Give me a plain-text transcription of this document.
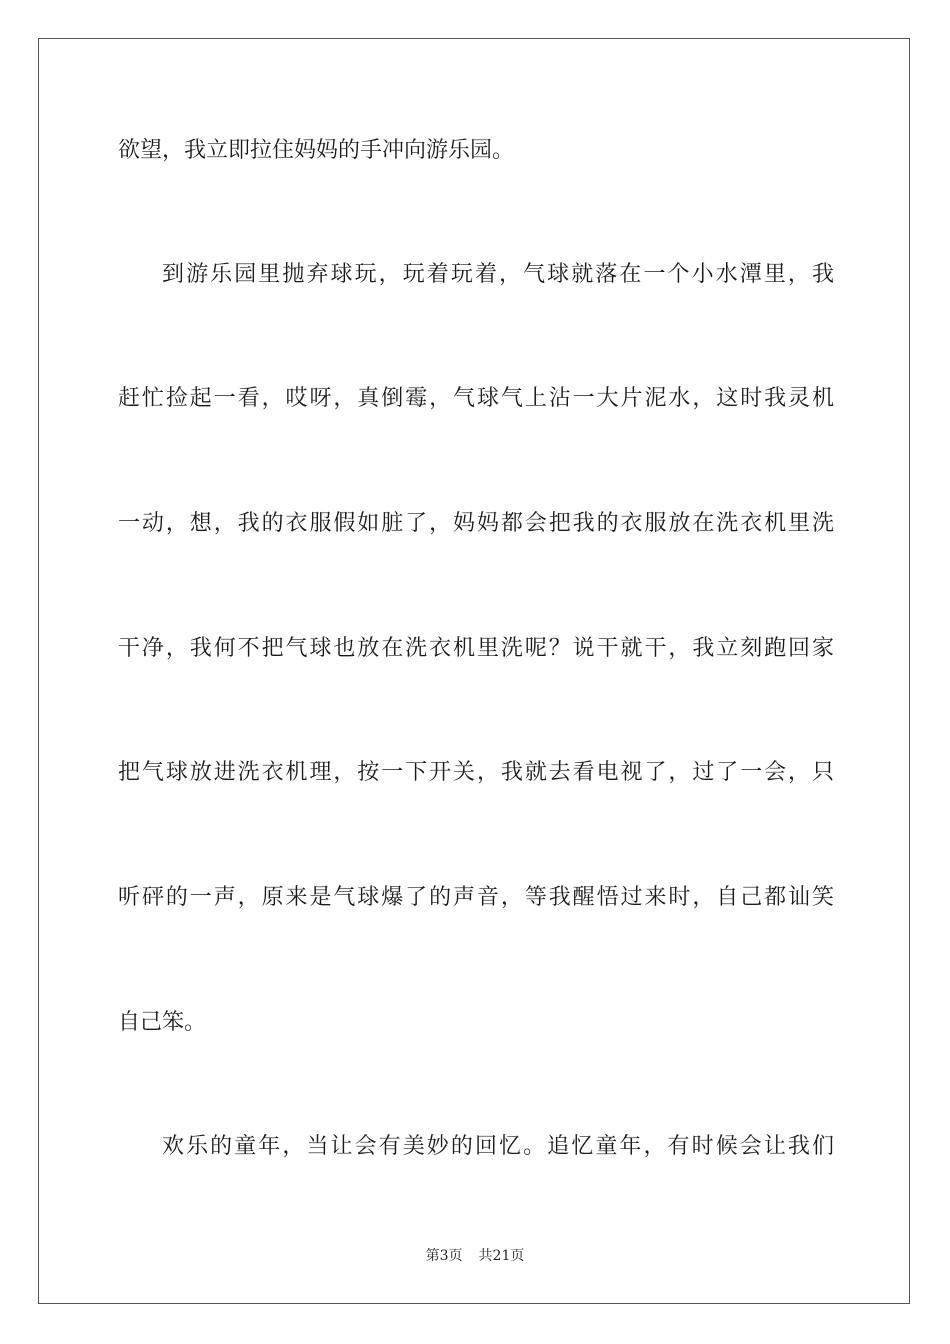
欲望，我立即拉住妈妈的手冲向游乐园。
到游乐园里抛弃球玩，玩着玩着，气球就落在一个小水潭里，我
赶忙捡起一看，哎呀，真倒霉，气球气上沾一大片泥水，这时我灵机
一动，想，我的衣服假如脏了，妈妈都会把我的衣服放在洗衣机里洗
干净，我何不把气球也放在洗衣机里洗呢？说干就干，我立刻跑回家
把气球放进洗衣机理，按一下开关，我就去看电视了，过了一会，只
听砰的一声，原来是气球爆了的声音，等我醒悟过来时，自己都讪笑
自己笨。
欢乐的童年，当让会有美妙的回忆。追忆童年，有时候会让我们
第3页 共21页
